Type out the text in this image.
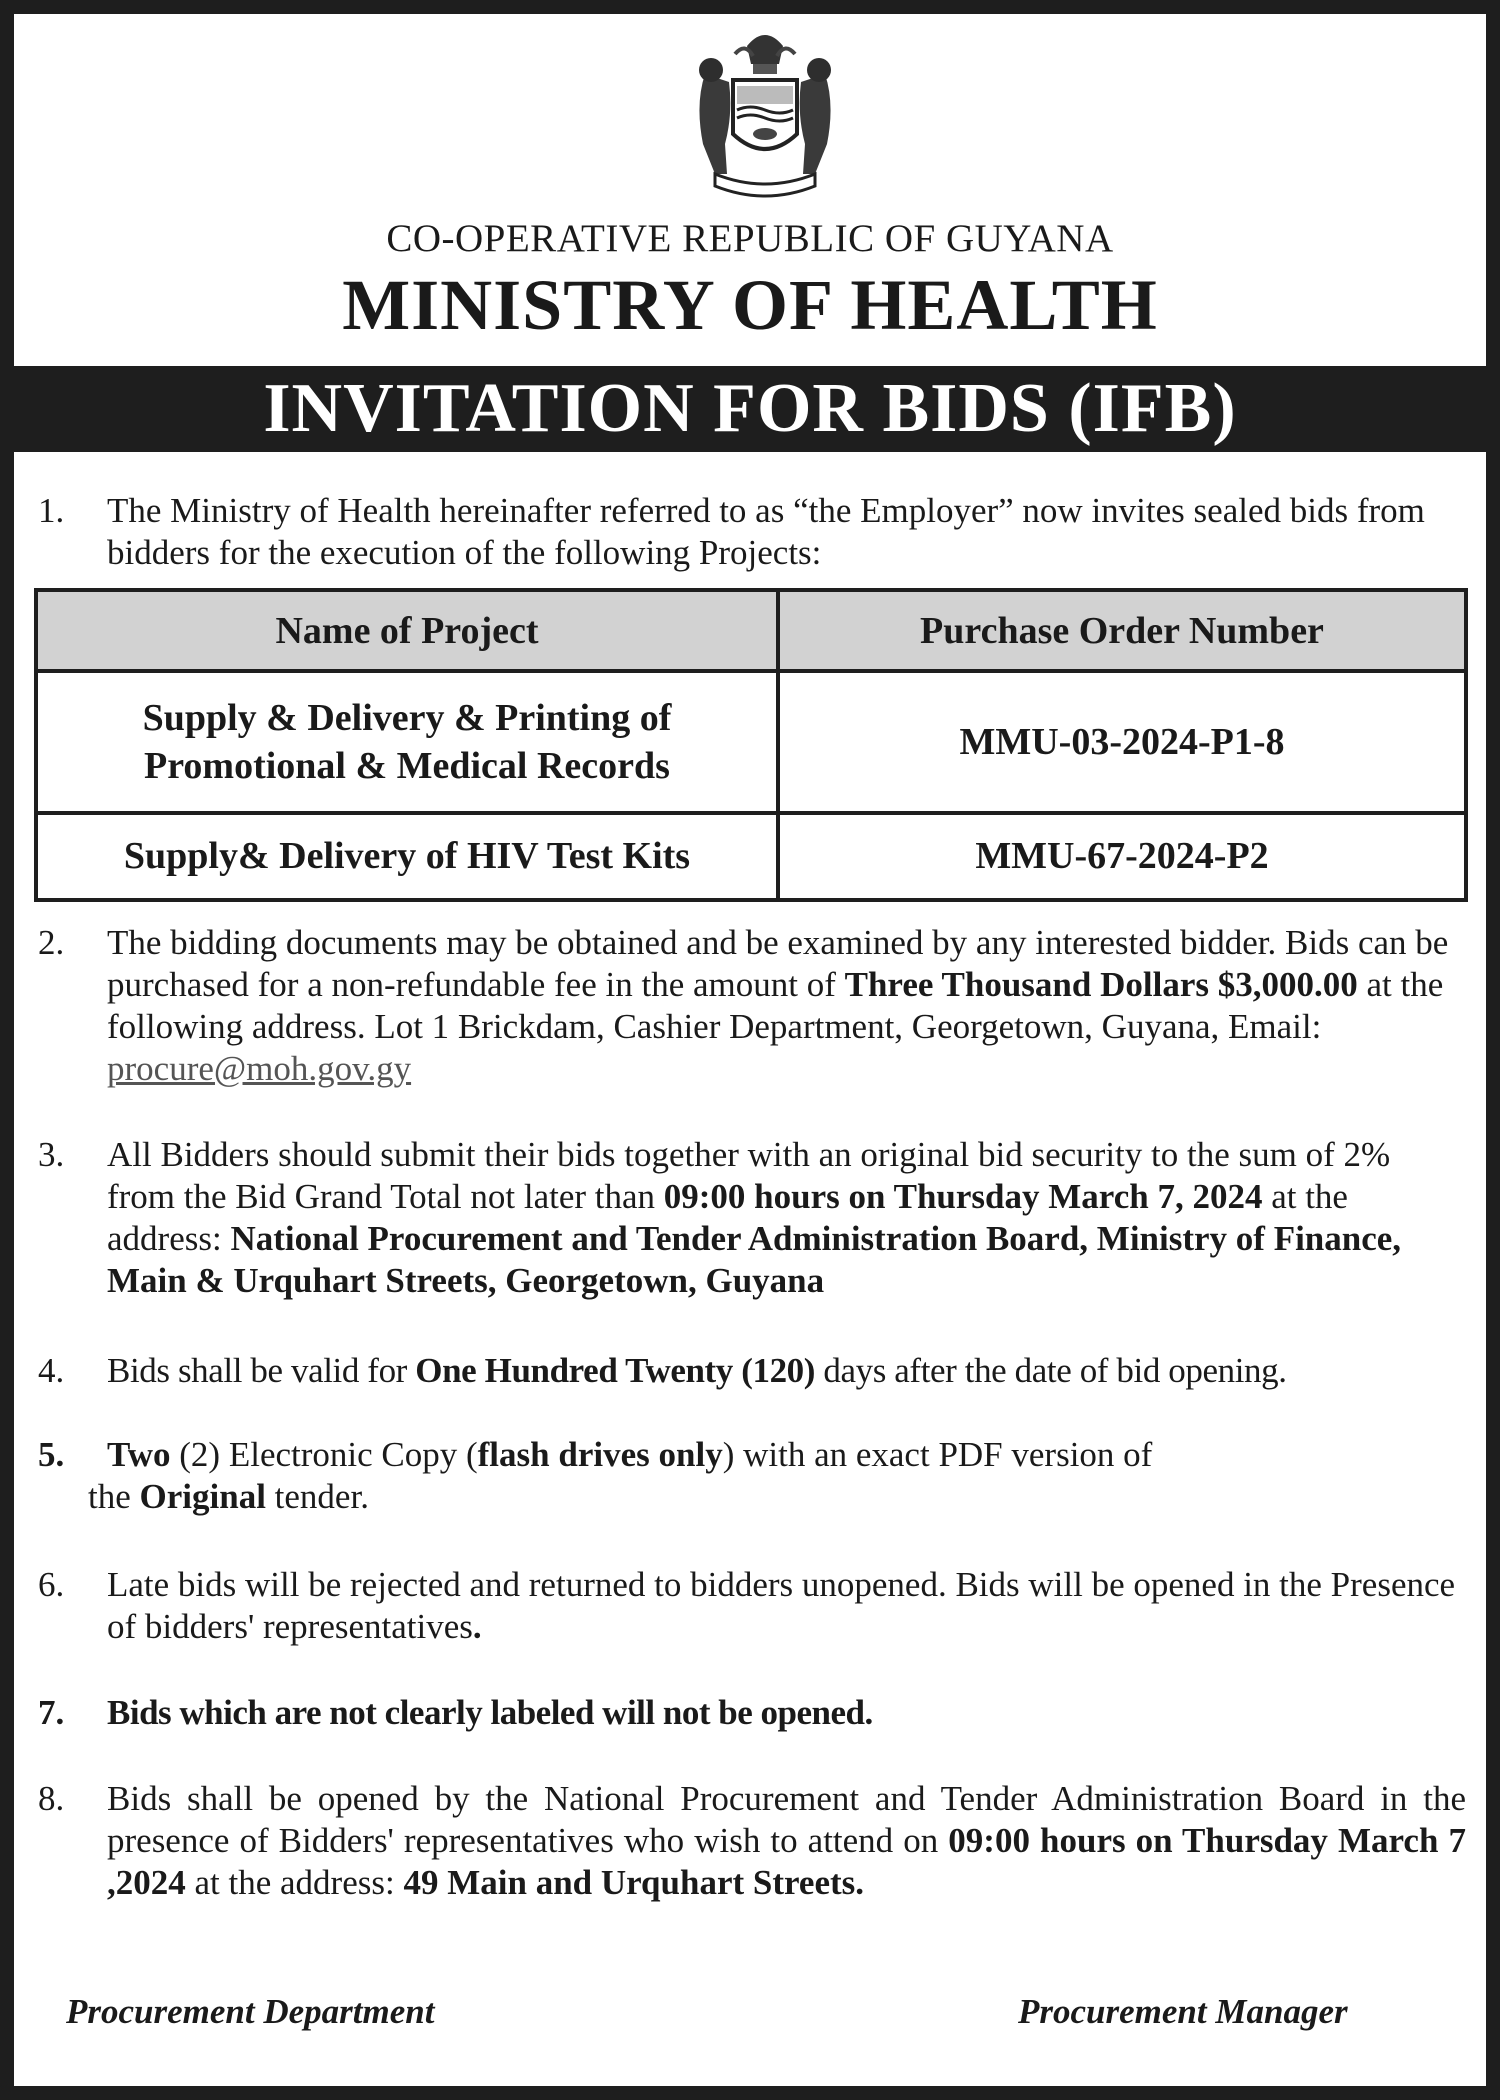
CO-OPERATIVE REPUBLIC OF GUYANA
MINISTRY OF HEALTH
INVITATION FOR BIDS (IFB)
1. The Ministry of Health hereinafter referred to as “the Employer” now invites sealed bids from bidders for the execution of the following Projects:
Name of Project	Purchase Order Number
Supply & Delivery & Printing of
Promotional & Medical Records	MMU-03-2024-P1-8
Supply& Delivery of HIV Test Kits	MMU-67-2024-P2
2. The bidding documents may be obtained and be examined by any interested bidder. Bids can be purchased for a non-refundable fee in the amount of Three Thousand Dollars $3,000.00 at the following address. Lot 1 Brickdam, Cashier Department, Georgetown, Guyana, Email: procure@moh.gov.gy
3. All Bidders should submit their bids together with an original bid security to the sum of 2% from the Bid Grand Total not later than 09:00 hours on Thursday March 7, 2024 at the address: National Procurement and Tender Administration Board, Ministry of Finance, Main & Urquhart Streets, Georgetown, Guyana
4. Bids shall be valid for One Hundred Twenty (120) days after the date of bid opening.
5. Two (2) Electronic Copy (flash drives only) with an exact PDF version of
the Original tender.
6. Late bids will be rejected and returned to bidders unopened. Bids will be opened in the Presence of bidders' representatives.
7. Bids which are not clearly labeled will not be opened.
8. Bids shall be opened by the National Procurement and Tender Administration Board in the presence of Bidders' representatives who wish to attend on 09:00 hours on Thursday March 7 ,2024 at the address: 49 Main and Urquhart Streets.
Procurement Department	Procurement Manager
